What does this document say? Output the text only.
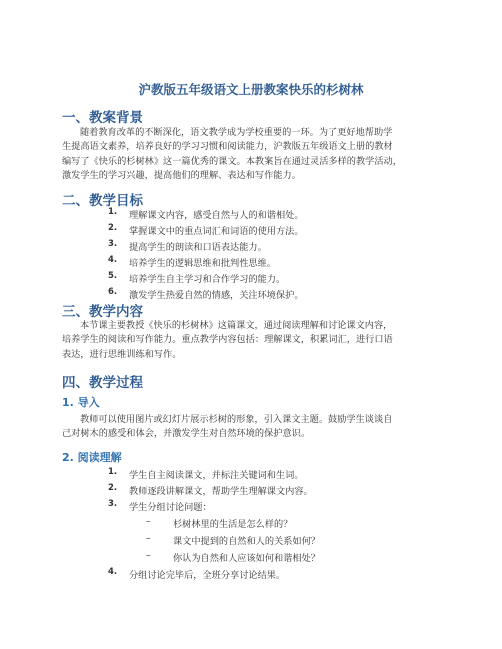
沪教版五年级语文上册教案快乐的杉树林
一、教案背景
随着教育改革的不断深化，语文教学成为学校重要的一环。为了更好地帮助学
生提高语文素养，培养良好的学习习惯和阅读能力，沪教版五年级语文上册的教材
编写了《快乐的杉树林》这一篇优秀的课文。本教案旨在通过灵活多样的教学活动，
激发学生的学习兴趣，提高他们的理解、表达和写作能力。
二、教学目标
1. 理解课文内容，感受自然与人的和谐相处。
2. 掌握课文中的重点词汇和词语的使用方法。
3. 提高学生的朗读和口语表达能力。
4. 培养学生的逻辑思维和批判性思维。
5. 培养学生自主学习和合作学习的能力。
6. 激发学生热爱自然的情感，关注环境保护。
三、教学内容
本节课主要教授《快乐的杉树林》这篇课文，通过阅读理解和讨论课文内容，
培养学生的阅读和写作能力。重点教学内容包括：理解课文，积累词汇，进行口语
表达，进行思维训练和写作。
四、教学过程
1. 导入
教师可以使用图片或幻灯片展示杉树的形象，引入课文主题。鼓励学生谈谈自
己对树木的感受和体会，并激发学生对自然环境的保护意识。
2. 阅读理解
1. 学生自主阅读课文，并标注关键词和生词。
2. 教师逐段讲解课文，帮助学生理解课文内容。
3. 学生分组讨论问题：
– 杉树林里的生活是怎么样的？
– 课文中提到的自然和人的关系如何？
– 你认为自然和人应该如何和谐相处？
4. 分组讨论完毕后，全班分享讨论结果。
